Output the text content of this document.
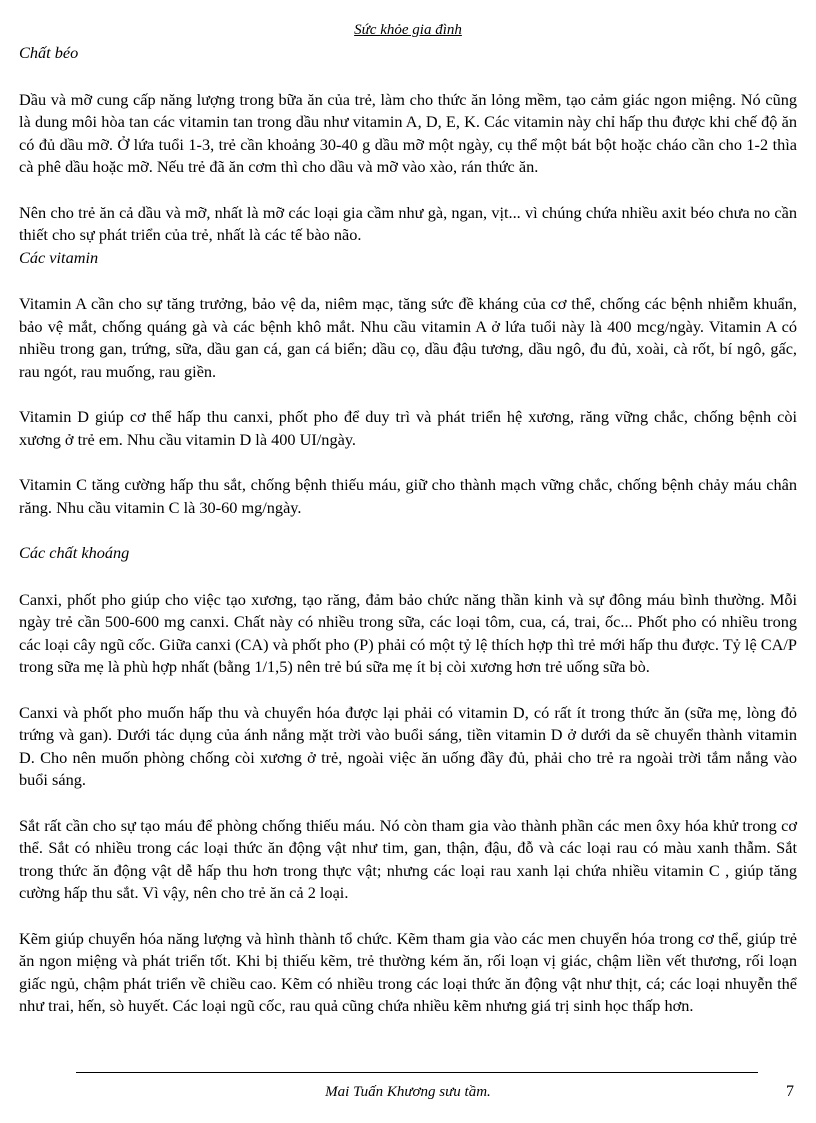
Sức khỏe gia đình

Chất béo

Dầu và mỡ cung cấp năng lượng trong bữa ăn của trẻ, làm cho thức ăn lỏng mềm, tạo cảm giác ngon miệng. Nó cũng là dung môi hòa tan các vitamin tan trong dầu như vitamin A, D, E, K. Các vitamin này chỉ hấp thu được khi chế độ ăn có đủ dầu mỡ. Ở lứa tuổi 1-3, trẻ cần khoảng 30-40 g dầu mỡ một ngày, cụ thể một bát bột hoặc cháo cần cho 1-2 thìa cà phê dầu hoặc mỡ. Nếu trẻ đã ăn cơm thì cho dầu và mỡ vào xào, rán thức ăn.

Nên cho trẻ ăn cả dầu và mỡ, nhất là mỡ các loại gia cầm như gà, ngan, vịt... vì chúng chứa nhiều axit béo chưa no cần thiết cho sự phát triển của trẻ, nhất là các tế bào não.

Các vitamin

Vitamin A cần cho sự tăng trưởng, bảo vệ da, niêm mạc, tăng sức đề kháng của cơ thể, chống các bệnh nhiễm khuẩn, bảo vệ mắt, chống quáng gà và các bệnh khô mắt. Nhu cầu vitamin A ở lứa tuổi này là 400 mcg/ngày. Vitamin A có nhiều trong gan, trứng, sữa, dầu gan cá, gan cá biển; dầu cọ, dầu đậu tương, dầu ngô, đu đủ, xoài, cà rốt, bí ngô, gấc, rau ngót, rau muống, rau giền.

Vitamin D giúp cơ thể hấp thu canxi, phốt pho để duy trì và phát triển hệ xương, răng vững chắc, chống bệnh còi xương ở trẻ em. Nhu cầu vitamin D là 400 UI/ngày.

Vitamin C tăng cường hấp thu sắt, chống bệnh thiếu máu, giữ cho thành mạch vững chắc, chống bệnh chảy máu chân răng. Nhu cầu vitamin C là 30-60 mg/ngày.

Các chất khoáng

Canxi, phốt pho giúp cho việc tạo xương, tạo răng, đảm bảo chức năng thần kinh và sự đông máu bình thường. Mỗi ngày trẻ cần 500-600 mg canxi. Chất này có nhiều trong sữa, các loại tôm, cua, cá, trai, ốc... Phốt pho có nhiều trong các loại cây ngũ cốc. Giữa canxi (CA) và phốt pho (P) phải có một tỷ lệ thích hợp thì trẻ mới hấp thu được. Tỷ lệ CA/P trong sữa mẹ là phù hợp nhất (bằng 1/1,5) nên trẻ bú sữa mẹ ít bị còi xương hơn trẻ uống sữa bò.

Canxi và phốt pho muốn hấp thu và chuyển hóa được lại phải có vitamin D, có rất ít trong thức ăn (sữa mẹ, lòng đỏ trứng và gan). Dưới tác dụng của ánh nắng mặt trời vào buổi sáng, tiền vitamin D ở dưới da sẽ chuyển thành vitamin D. Cho nên muốn phòng chống còi xương ở trẻ, ngoài việc ăn uống đầy đủ, phải cho trẻ ra ngoài trời tắm nắng vào buổi sáng.

Sắt rất cần cho sự tạo máu để phòng chống thiếu máu. Nó còn tham gia vào thành phần các men ôxy hóa khử trong cơ thể. Sắt có nhiều trong các loại thức ăn động vật như tim, gan, thận, đậu, đỗ và các loại rau có màu xanh thẫm. Sắt trong thức ăn động vật dễ hấp thu hơn trong thực vật; nhưng các loại rau xanh lại chứa nhiều vitamin C , giúp tăng cường hấp thu sắt. Vì vậy, nên cho trẻ ăn cả 2 loại.

Kẽm giúp chuyển hóa năng lượng và hình thành tổ chức. Kẽm tham gia vào các men chuyển hóa trong cơ thể, giúp trẻ ăn ngon miệng và phát triển tốt. Khi bị thiếu kẽm, trẻ thường kém ăn, rối loạn vị giác, chậm liền vết thương, rối loạn giấc ngủ, chậm phát triển về chiều cao. Kẽm có nhiều trong các loại thức ăn động vật như thịt, cá; các loại nhuyễn thể như trai, hến, sò huyết. Các loại ngũ cốc, rau quả cũng chứa nhiều kẽm nhưng giá trị sinh học thấp hơn.

Mai Tuấn Khương sưu tầm.	7
